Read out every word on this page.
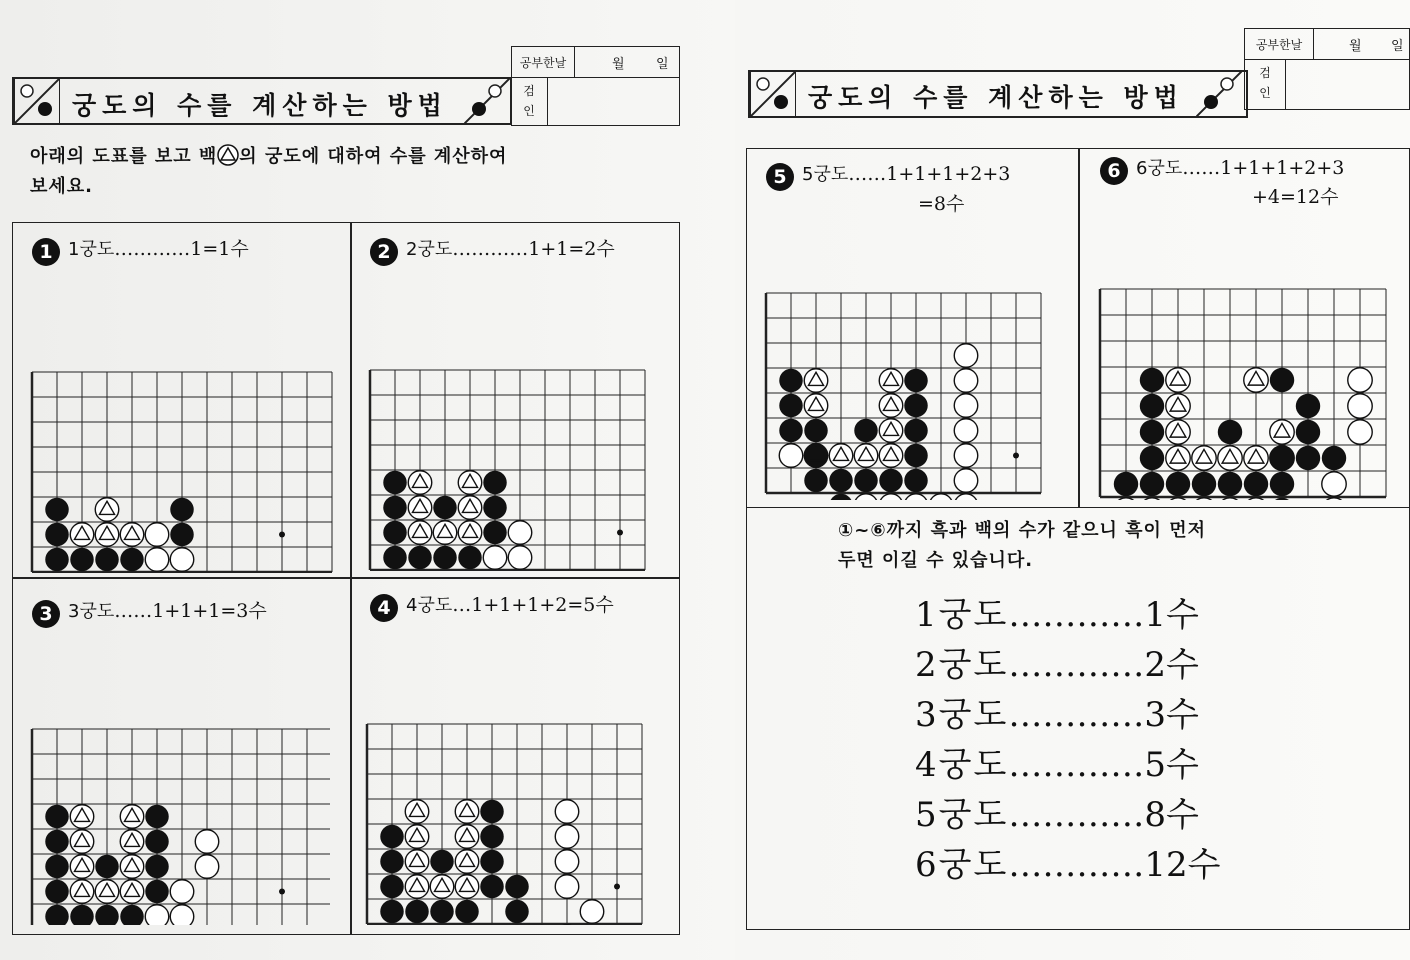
궁도의 수를 계산하는 방법
공부한날	월 일
검인
아래의 도표를 보고 백 의 궁도에 대하여 수를 계산하여
보세요.
1 1궁도…………1=1수	2 2궁도…………1+1=2수
3 3궁도……1+1+1=3수	4 4궁도…1+1+1+2=5수
궁도의 수를 계산하는 방법
공부한날	월 일
검인
5 5궁도……1+1+1+2+3
=8수
6 6궁도……1+1+1+2+3
+4=12수
①~⑥까지 흑과 백의 수가 같으니 흑이 먼저
두면 이길 수 있습니다.
1궁도…………1수
2궁도…………2수
3궁도…………3수
4궁도…………5수
5궁도…………8수
6궁도…………12수
